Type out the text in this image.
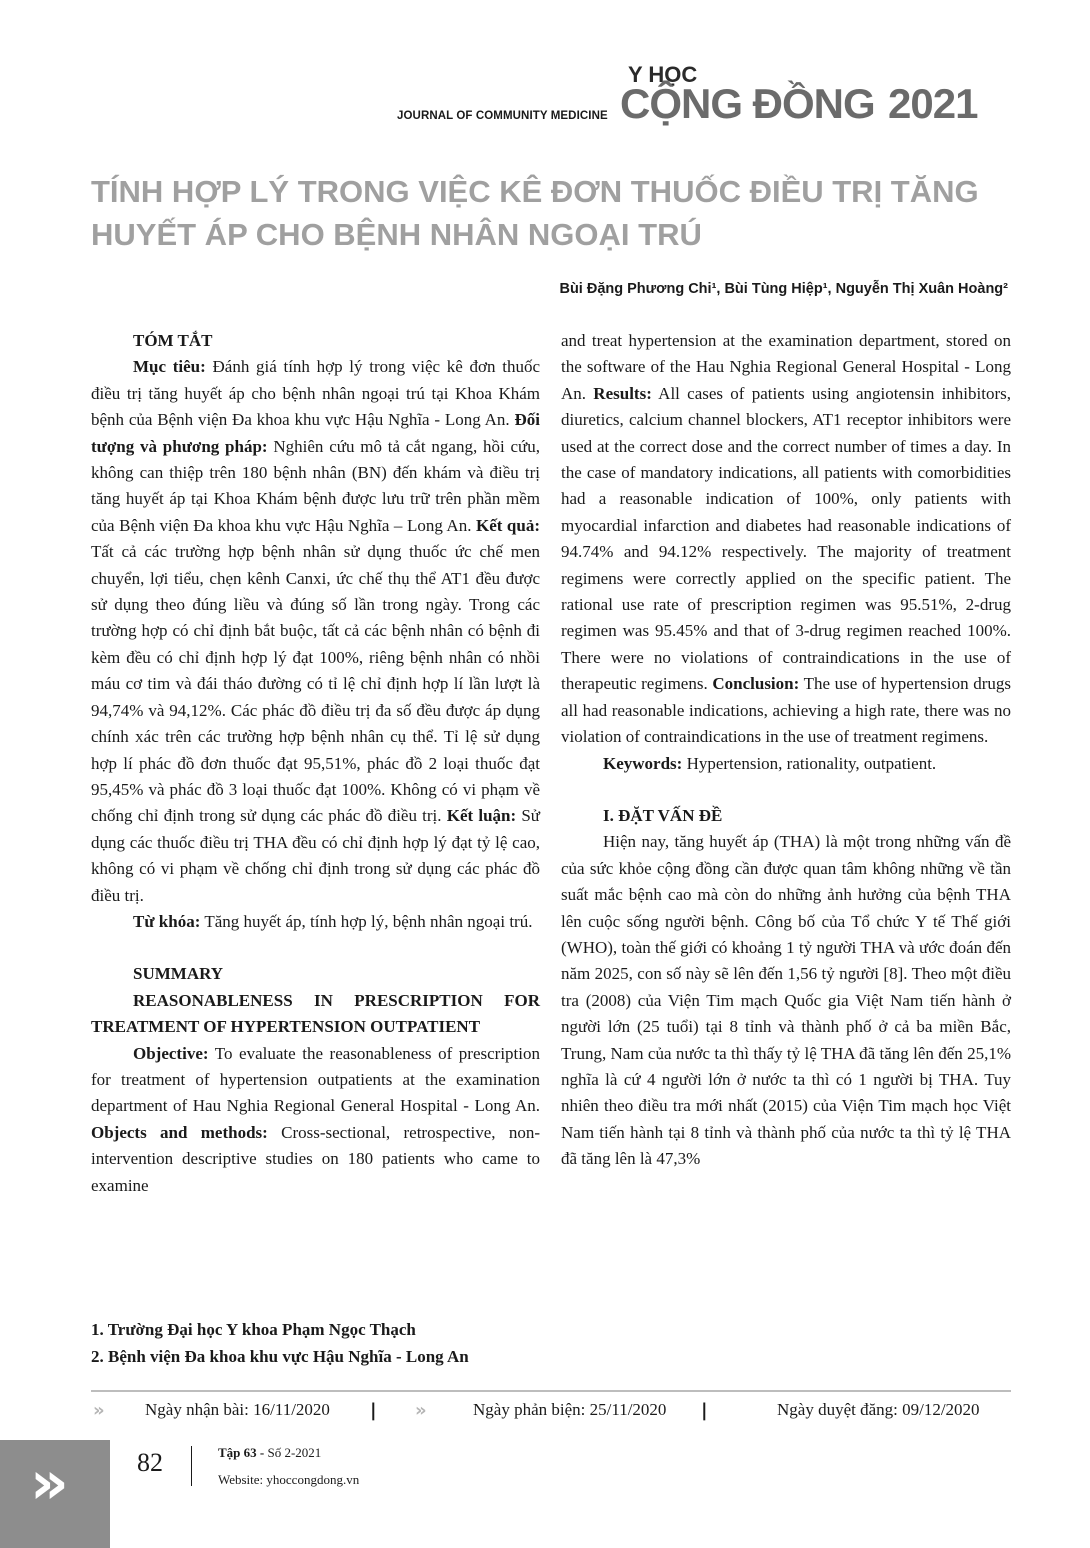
JOURNAL OF COMMUNITY MEDICINE
Y HỌC
CỘNG ĐỒNG 2021
TÍNH HỢP LÝ TRONG VIỆC KÊ ĐƠN THUỐC ĐIỀU TRỊ TĂNG HUYẾT ÁP CHO BỆNH NHÂN NGOẠI TRÚ
Bùi Đặng Phương Chi¹, Bùi Tùng Hiệp¹, Nguyễn Thị Xuân Hoàng²

TÓM TẮT

Mục tiêu: Đánh giá tính hợp lý trong việc kê đơn thuốc điều trị tăng huyết áp cho bệnh nhân ngoại trú tại Khoa Khám bệnh của Bệnh viện Đa khoa khu vực Hậu Nghĩa - Long An. Đối tượng và phương pháp: Nghiên cứu mô tả cắt ngang, hồi cứu, không can thiệp trên 180 bệnh nhân (BN) đến khám và điều trị tăng huyết áp tại Khoa Khám bệnh được lưu trữ trên phần mềm của Bệnh viện Đa khoa khu vực Hậu Nghĩa – Long An. Kết quả: Tất cả các trường hợp bệnh nhân sử dụng thuốc ức chế men chuyển, lợi tiểu, chẹn kênh Canxi, ức chế thụ thể AT1 đều được sử dụng theo đúng liều và đúng số lần trong ngày. Trong các trường hợp có chỉ định bắt buộc, tất cả các bệnh nhân có bệnh đi kèm đều có chỉ định hợp lý đạt 100%, riêng bệnh nhân có nhồi máu cơ tim và đái tháo đường có tỉ lệ chỉ định hợp lí lần lượt là 94,74% và 94,12%. Các phác đồ điều trị đa số đều được áp dụng chính xác trên các trường hợp bệnh nhân cụ thể. Tỉ lệ sử dụng hợp lí phác đồ đơn thuốc đạt 95,51%, phác đồ 2 loại thuốc đạt 95,45% và phác đồ 3 loại thuốc đạt 100%. Không có vi phạm về chống chỉ định trong sử dụng các phác đồ điều trị. Kết luận: Sử dụng các thuốc điều trị THA đều có chỉ định hợp lý đạt tỷ lệ cao, không có vi phạm về chống chỉ định trong sử dụng các phác đồ điều trị.

Từ khóa: Tăng huyết áp, tính hợp lý, bệnh nhân ngoại trú.

SUMMARY

REASONABLENESS IN PRESCRIPTION FOR TREATMENT OF HYPERTENSION OUTPATIENT

Objective: To evaluate the reasonableness of prescription for treatment of hypertension outpatients at the examination department of Hau Nghia Regional General Hospital - Long An. Objects and methods: Cross-sectional, retrospective, non-intervention descriptive studies on 180 patients who came to examine

and treat hypertension at the examination department, stored on the software of the Hau Nghia Regional General Hospital - Long An. Results: All cases of patients using angiotensin inhibitors, diuretics, calcium channel blockers, AT1 receptor inhibitors were used at the correct dose and the correct number of times a day. In the case of mandatory indications, all patients with comorbidities had a reasonable indication of 100%, only patients with myocardial infarction and diabetes had reasonable indications of 94.74% and 94.12% respectively. The majority of treatment regimens were correctly applied on the specific patient. The rational use rate of prescription regimen was 95.51%, 2-drug regimen was 95.45% and that of 3-drug regimen reached 100%. There were no violations of contraindications in the use of therapeutic regimens. Conclusion: The use of hypertension drugs all had reasonable indications, achieving a high rate, there was no violation of contraindications in the use of treatment regimens.

Keywords: Hypertension, rationality, outpatient.

I. ĐẶT VẤN ĐỀ

Hiện nay, tăng huyết áp (THA) là một trong những vấn đề của sức khỏe cộng đồng cần được quan tâm không những về tần suất mắc bệnh cao mà còn do những ảnh hưởng của bệnh THA lên cuộc sống người bệnh. Công bố của Tổ chức Y tế Thế giới (WHO), toàn thế giới có khoảng 1 tỷ người THA và ước đoán đến năm 2025, con số này sẽ lên đến 1,56 tỷ người [8]. Theo một điều tra (2008) của Viện Tim mạch Quốc gia Việt Nam tiến hành ở người lớn (25 tuổi) tại 8 tỉnh và thành phố ở cả ba miền Bắc, Trung, Nam của nước ta thì thấy tỷ lệ THA đã tăng lên đến 25,1% nghĩa là cứ 4 người lớn ở nước ta thì có 1 người bị THA. Tuy nhiên theo điều tra mới nhất (2015) của Viện Tim mạch học Việt Nam tiến hành tại 8 tỉnh và thành phố của nước ta thì tỷ lệ THA đã tăng lên là 47,3%

1. Trường Đại học Y khoa Phạm Ngọc Thạch
2. Bệnh viện Đa khoa khu vực Hậu Nghĩa - Long An
»	Ngày nhận bài: 16/11/2020 | »	Ngày phản biện: 25/11/2020 |	Ngày duyệt đăng: 09/12/2020
»	82	Tập 63 - Số 2-2021
Website: yhoccongdong.vn
